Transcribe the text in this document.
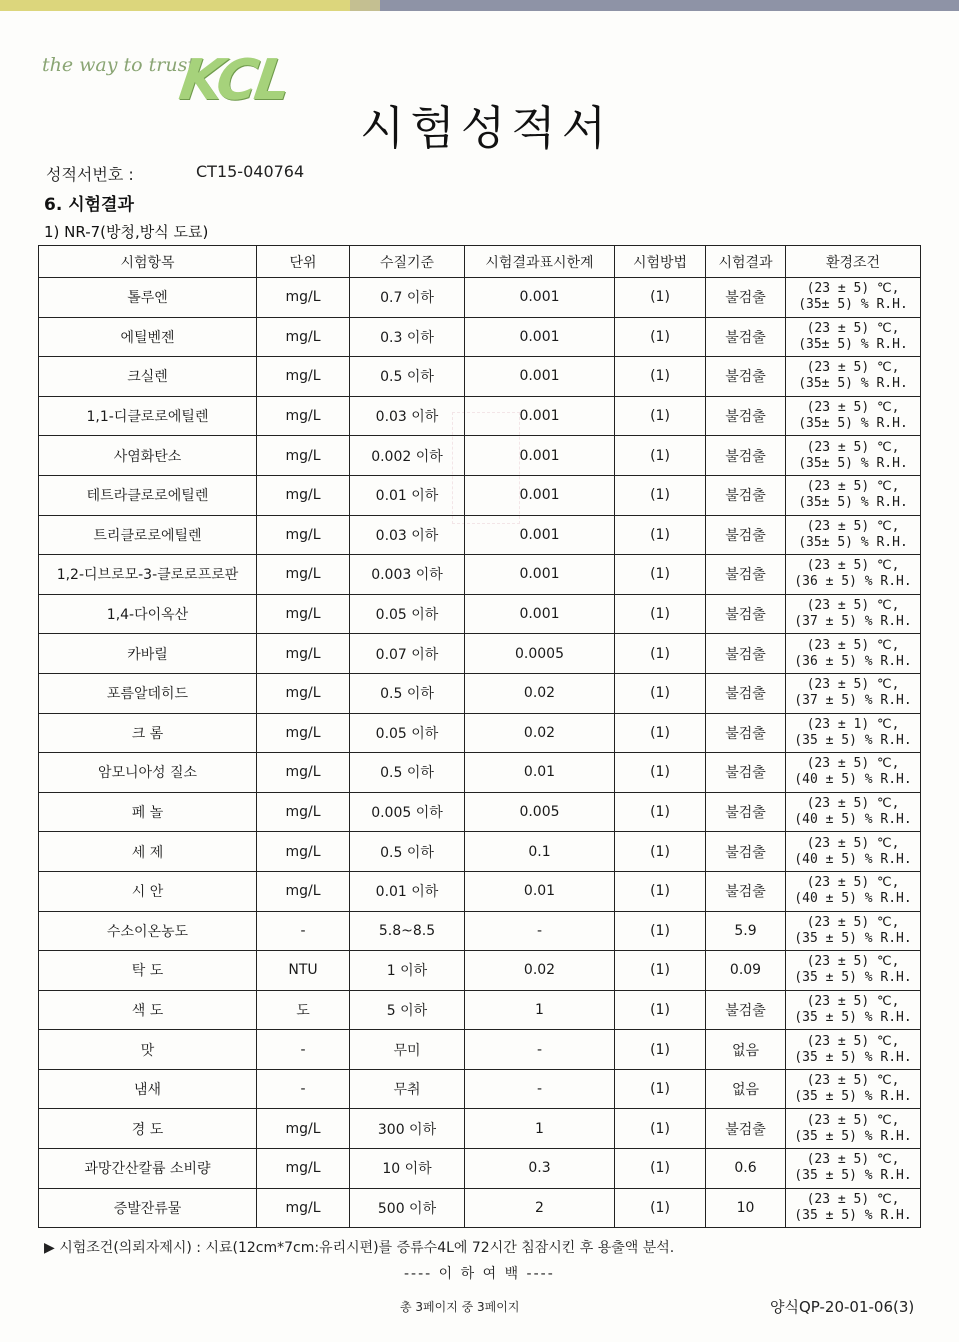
the way to trust
KCL
시험성적서
성적서번호 :	CT15-040764
6. 시험결과
1) NR-7(방청,방식 도료)
시험항목	단위	수질기준	시험결과표시한계	시험방법	시험결과	환경조건
톨루엔	mg/L	0.7 이하	0.001	(1)	불검출	(23 ± 5) ℃,
(35± 5) % R.H.

에틸벤젠	mg/L	0.3 이하	0.001	(1)	불검출	(23 ± 5) ℃,
(35± 5) % R.H.

크실렌	mg/L	0.5 이하	0.001	(1)	불검출	(23 ± 5) ℃,
(35± 5) % R.H.

1,1-디클로로에틸렌	mg/L	0.03 이하	0.001	(1)	불검출	(23 ± 5) ℃,
(35± 5) % R.H.

사염화탄소	mg/L	0.002 이하	0.001	(1)	불검출	(23 ± 5) ℃,
(35± 5) % R.H.

테트라클로로에틸렌	mg/L	0.01 이하	0.001	(1)	불검출	(23 ± 5) ℃,
(35± 5) % R.H.

트리클로로에틸렌	mg/L	0.03 이하	0.001	(1)	불검출	(23 ± 5) ℃,
(35± 5) % R.H.

1,2-디브로모-3-클로로프로판	mg/L	0.003 이하	0.001	(1)	불검출	(23 ± 5) ℃,
(36 ± 5) % R.H.

1,4-다이옥산	mg/L	0.05 이하	0.001	(1)	불검출	(23 ± 5) ℃,
(37 ± 5) % R.H.

카바릴	mg/L	0.07 이하	0.0005	(1)	불검출	(23 ± 5) ℃,
(36 ± 5) % R.H.

포름알데히드	mg/L	0.5 이하	0.02	(1)	불검출	(23 ± 5) ℃,
(37 ± 5) % R.H.

크 롬	mg/L	0.05 이하	0.02	(1)	불검출	(23 ± 1) ℃,
(35 ± 5) % R.H.

암모니아성 질소	mg/L	0.5 이하	0.01	(1)	불검출	(23 ± 5) ℃,
(40 ± 5) % R.H.

페 놀	mg/L	0.005 이하	0.005	(1)	불검출	(23 ± 5) ℃,
(40 ± 5) % R.H.

세 제	mg/L	0.5 이하	0.1	(1)	불검출	(23 ± 5) ℃,
(40 ± 5) % R.H.

시 안	mg/L	0.01 이하	0.01	(1)	불검출	(23 ± 5) ℃,
(40 ± 5) % R.H.

수소이온농도	-	5.8~8.5	-	(1)	5.9	(23 ± 5) ℃,
(35 ± 5) % R.H.

탁 도	NTU	1 이하	0.02	(1)	0.09	(23 ± 5) ℃,
(35 ± 5) % R.H.

색 도	도	5 이하	1	(1)	불검출	(23 ± 5) ℃,
(35 ± 5) % R.H.

맛	-	무미	-	(1)	없음	(23 ± 5) ℃,
(35 ± 5) % R.H.

냄새	-	무취	-	(1)	없음	(23 ± 5) ℃,
(35 ± 5) % R.H.

경 도	mg/L	300 이하	1	(1)	불검출	(23 ± 5) ℃,
(35 ± 5) % R.H.

과망간산칼륨 소비량	mg/L	10 이하	0.3	(1)	0.6	(23 ± 5) ℃,
(35 ± 5) % R.H.

증발잔류물	mg/L	500 이하	2	(1)	10	(23 ± 5) ℃,
(35 ± 5) % R.H.
▶ 시험조건(의뢰자제시) : 시료(12cm*7cm:유리시편)를 증류수4L에 72시간 침잠시킨 후 용출액 분석.
---- 이 하 여 백 ----
총 3페이지 중 3페이지	양식QP-20-01-06(3)
